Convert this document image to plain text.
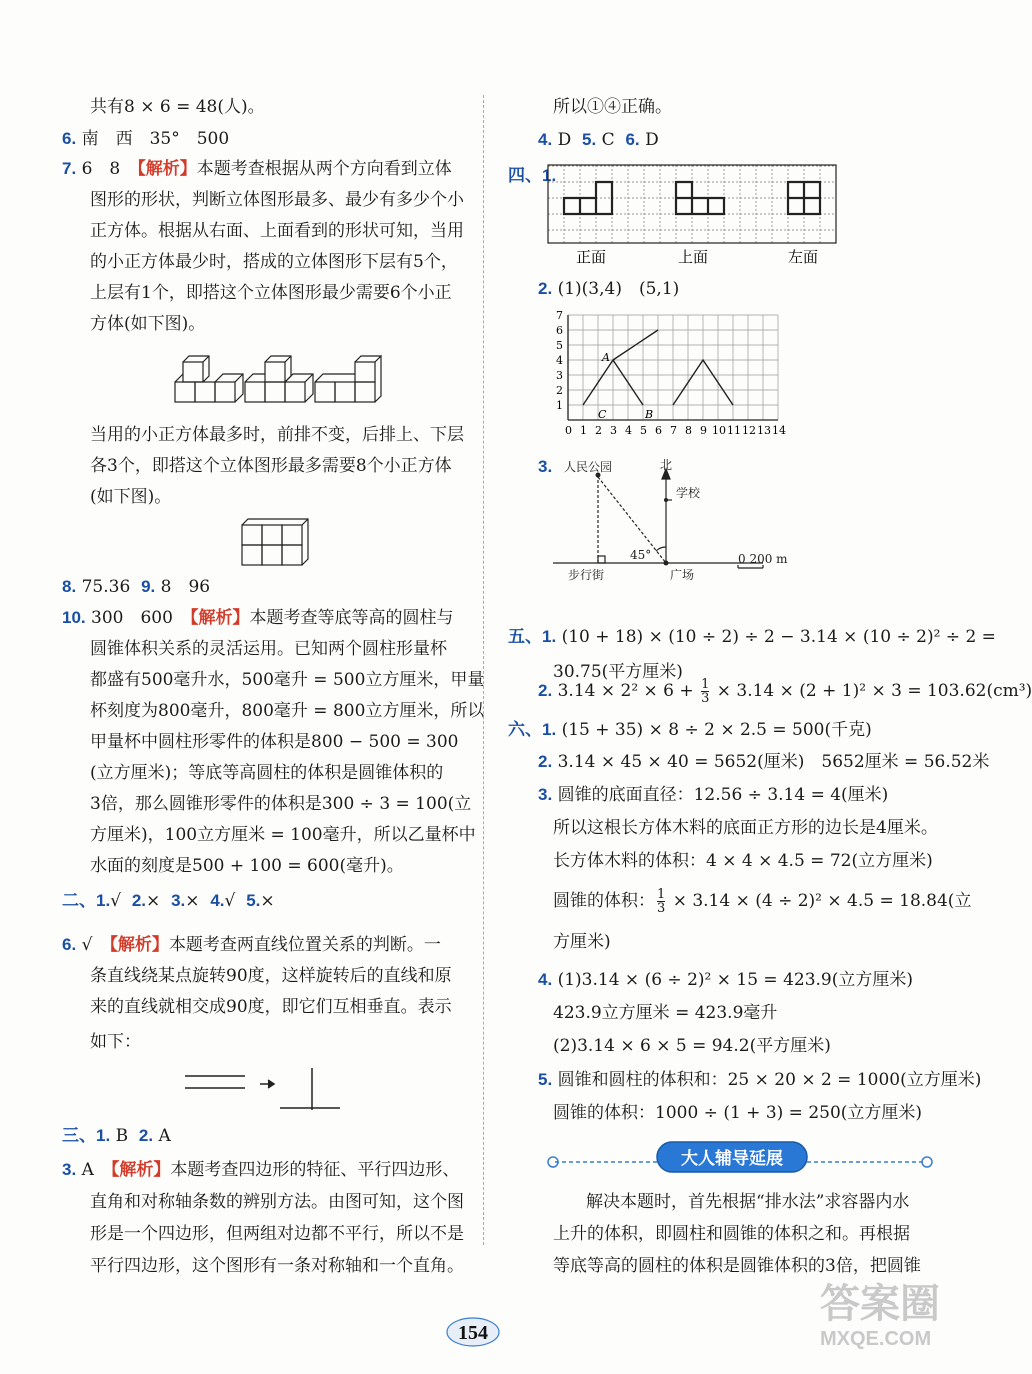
共有8 × 6 = 48(人)。
6. 南　西　35°　500
7. 6　8　【解析】本题考查根据从两个方向看到立体
图形的形状，判断立体图形最多、最少有多少个小
正方体。根据从右面、上面看到的形状可知，当用
的小正方体最少时，搭成的立体图形下层有5个，
上层有1个，即搭这个立体图形最少需要6个小正
方体(如下图)。
当用的小正方体最多时，前排不变，后排上、下层
各3个，即搭这个立体图形最多需要8个小正方体
(如下图)。
8. 75.36 9. 8　96
10. 300　600　【解析】本题考查等底等高的圆柱与
圆锥体积关系的灵活运用。已知两个圆柱形量杯
都盛有500毫升水，500毫升 = 500立方厘米，甲量
杯刻度为800毫升，800毫升 = 800立方厘米，所以
甲量杯中圆柱形零件的体积是800 − 500 = 300
(立方厘米)；等底等高圆柱的体积是圆锥体积的
3倍，那么圆锥形零件的体积是300 ÷ 3 = 100(立
方厘米)，100立方厘米 = 100毫升，所以乙量杯中
水面的刻度是500 + 100 = 600(毫升)。
二、1.√ 2.× 3.× 4.√ 5.×
6. √　【解析】本题考查两直线位置关系的判断。一
条直线绕某点旋转90度，这样旋转后的直线和原
来的直线就相交成90度，即它们互相垂直。表示
如下：
三、1. B 2. A
3. A　【解析】本题考查四边形的特征、平行四边形、
直角和对称轴条数的辨别方法。由图可知，这个图
形是一个四边形，但两组对边都不平行，所以不是
平行四边形，这个图形有一条对称轴和一个直角。
所以①④正确。
4. D 5. C 6. D
四、1.
正面	上面	左面
2. (1)(3,4)　(5,1)
7
6
5
4
3
2
1
0 1 2 3 4 5 6 7 8 9 10 11 12 13 14
A
B
C
3. 人民公园	北
学校
45°
步行街	广场
0 200 m
五、1. (10 + 18) × (10 ÷ 2) ÷ 2 − 3.14 × (10 ÷ 2)² ÷ 2 =
30.75(平方厘米)
2. $3.14 \times 2^2 \times 6 + \frac{1}{3} \times 3.14 \times (2 + 1)^2 \times 3 = 103.62(cm^3)$
六、1. (15 + 35) × 8 ÷ 2 × 2.5 = 500(千克)
2. 3.14 × 45 × 40 = 5652(厘米)　5652厘米 = 56.52米
3. 圆锥的底面直径：12.56 ÷ 3.14 = 4(厘米)
所以这根长方体木料的底面正方形的边长是4厘米。
长方体木料的体积：4 × 4 × 4.5 = 72(立方厘米)
圆锥的体积： $\frac{1}{3} \times 3.14 \times (4 \div 2)^2 \times 4.5 = 18.84$(立
方厘米)
4. (1)3.14 × (6 ÷ 2)² × 15 = 423.9(立方厘米)
423.9立方厘米 = 423.9毫升
(2)3.14 × 6 × 5 = 94.2(平方厘米)
5. 圆锥和圆柱的体积和：25 × 20 × 2 = 1000(立方厘米)
圆锥的体积：1000 ÷ (1 + 3) = 250(立方厘米)
大人辅导延展
解决本题时，首先根据“排水法”求容器内水
上升的体积，即圆柱和圆锥的体积之和。再根据
等底等高的圆柱的体积是圆锥体积的3倍，把圆锥
154
答案圈
MXQE.COM
